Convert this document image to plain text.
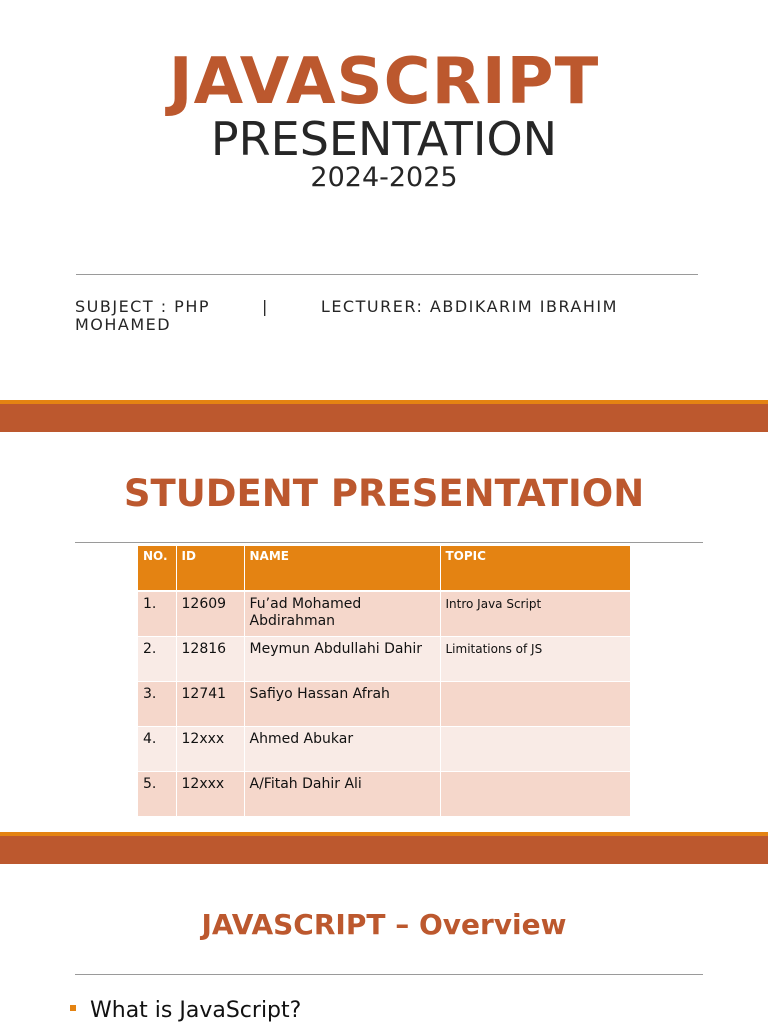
JAVASCRIPT
PRESENTATION
2024-2025
SUBJECT : PHP	|	LECTURER: ABDIKARIM IBRAHIM MOHAMED
STUDENT PRESENTATION
NO.	ID	NAME	TOPIC
1.	12609	Fu’ad Mohamed Abdirahman	Intro Java Script
2.	12816	Meymun Abdullahi Dahir	Limitations of JS
3.	12741	Safiyo Hassan Afrah	
4.	12xxx	Ahmed Abukar	
5.	12xxx	A/Fitah Dahir Ali	
JAVASCRIPT – Overview
What is JavaScript?
